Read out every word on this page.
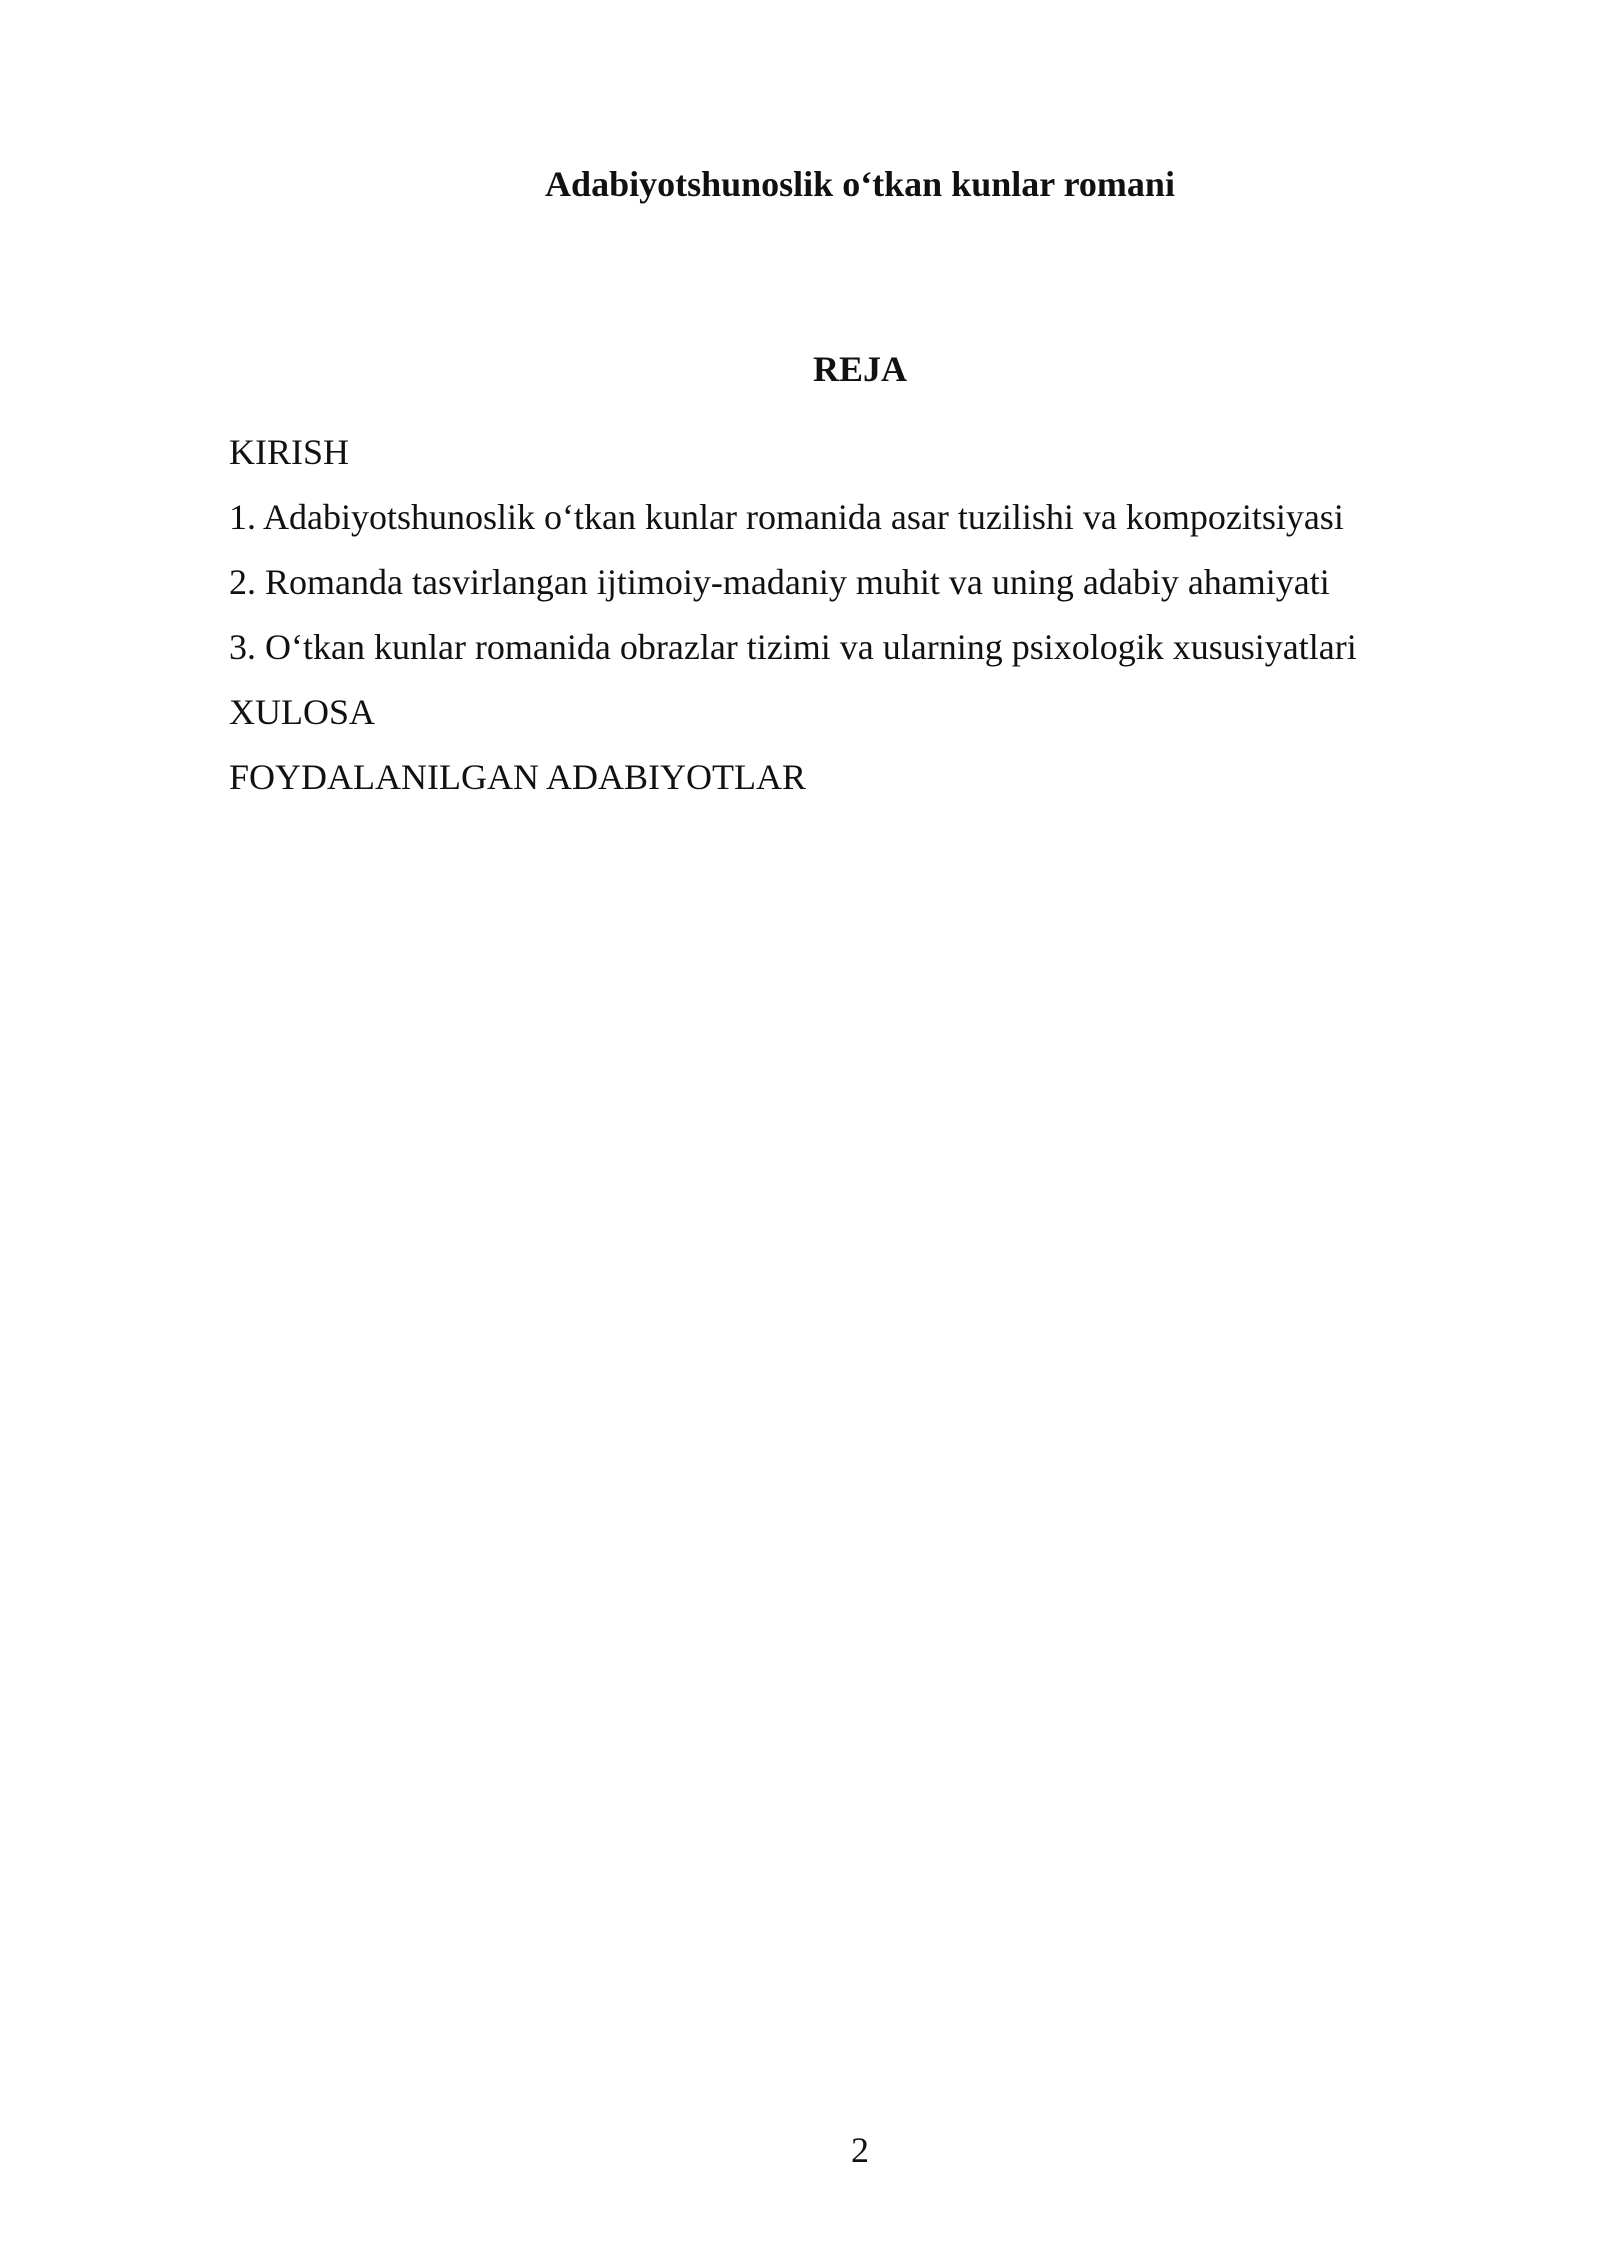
Adabiyotshunoslik o‘tkan kunlar romani
REJA
KIRISH
1. Adabiyotshunoslik o‘tkan kunlar romanida asar tuzilishi va kompozitsiyasi
2. Romanda tasvirlangan ijtimoiy-madaniy muhit va uning adabiy ahamiyati
3. O‘tkan kunlar romanida obrazlar tizimi va ularning psixologik xususiyatlari
XULOSA
FOYDALANILGAN ADABIYOTLAR
2
